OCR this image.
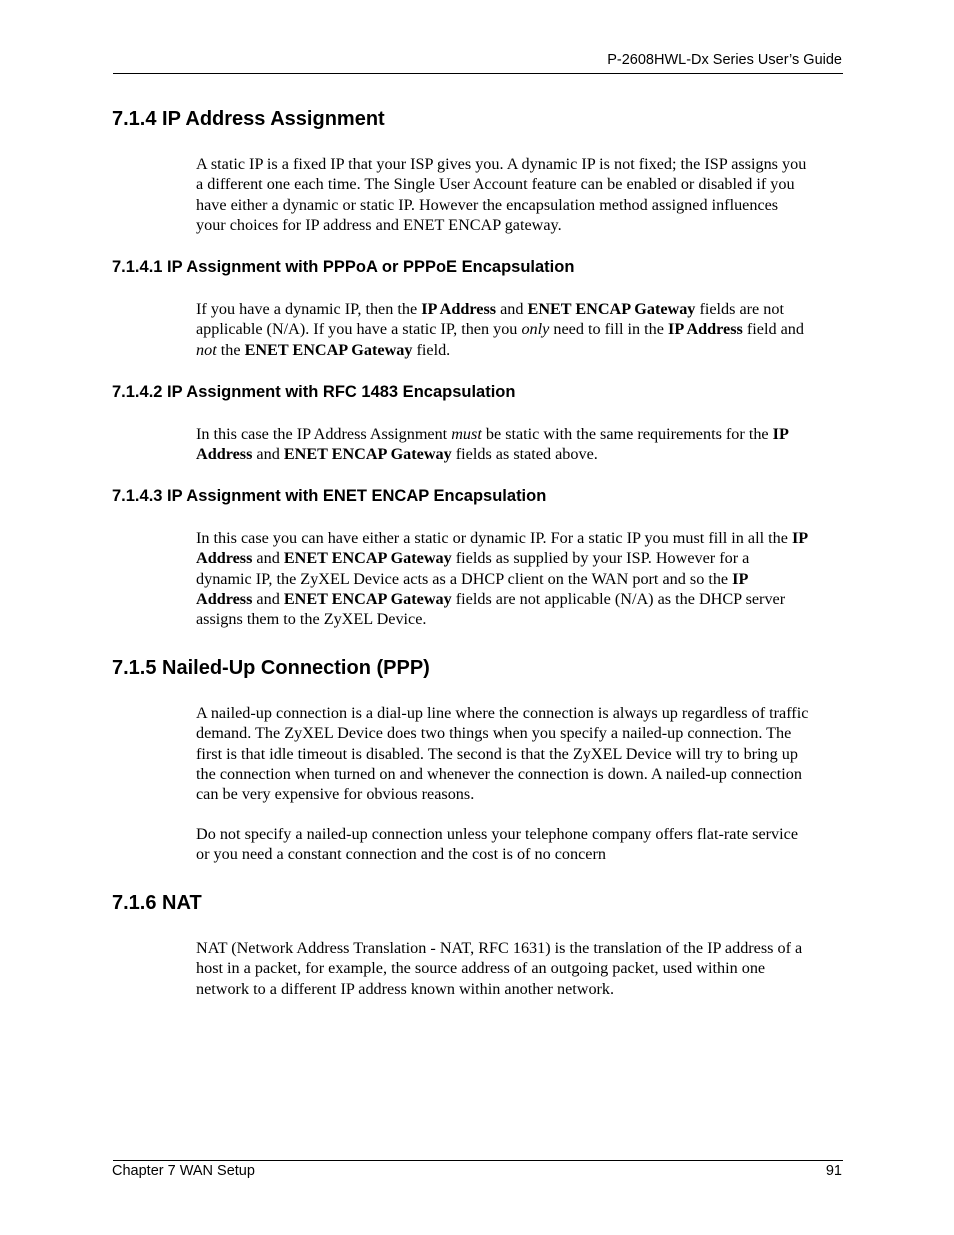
P-2608HWL-Dx Series User’s Guide
7.1.4 IP Address Assignment
A static IP is a fixed IP that your ISP gives you. A dynamic IP is not fixed; the ISP assigns you
a different one each time. The Single User Account feature can be enabled or disabled if you
have either a dynamic or static IP. However the encapsulation method assigned influences
your choices for IP address and ENET ENCAP gateway.
7.1.4.1 IP Assignment with PPPoA or PPPoE Encapsulation
If you have a dynamic IP, then the IP Address and ENET ENCAP Gateway fields are not
applicable (N/A). If you have a static IP, then you only need to fill in the IP Address field and
not the ENET ENCAP Gateway field.
7.1.4.2 IP Assignment with RFC 1483 Encapsulation
In this case the IP Address Assignment must be static with the same requirements for the IP
Address and ENET ENCAP Gateway fields as stated above.
7.1.4.3 IP Assignment with ENET ENCAP Encapsulation
In this case you can have either a static or dynamic IP. For a static IP you must fill in all the IP
Address and ENET ENCAP Gateway fields as supplied by your ISP. However for a
dynamic IP, the ZyXEL Device acts as a DHCP client on the WAN port and so the IP
Address and ENET ENCAP Gateway fields are not applicable (N/A) as the DHCP server
assigns them to the ZyXEL Device.
7.1.5 Nailed-Up Connection (PPP)
A nailed-up connection is a dial-up line where the connection is always up regardless of traffic
demand. The ZyXEL Device does two things when you specify a nailed-up connection. The
first is that idle timeout is disabled. The second is that the ZyXEL Device will try to bring up
the connection when turned on and whenever the connection is down. A nailed-up connection
can be very expensive for obvious reasons.
Do not specify a nailed-up connection unless your telephone company offers flat-rate service
or you need a constant connection and the cost is of no concern
7.1.6 NAT
NAT (Network Address Translation - NAT, RFC 1631) is the translation of the IP address of a
host in a packet, for example, the source address of an outgoing packet, used within one
network to a different IP address known within another network.
Chapter 7 WAN Setup	91
